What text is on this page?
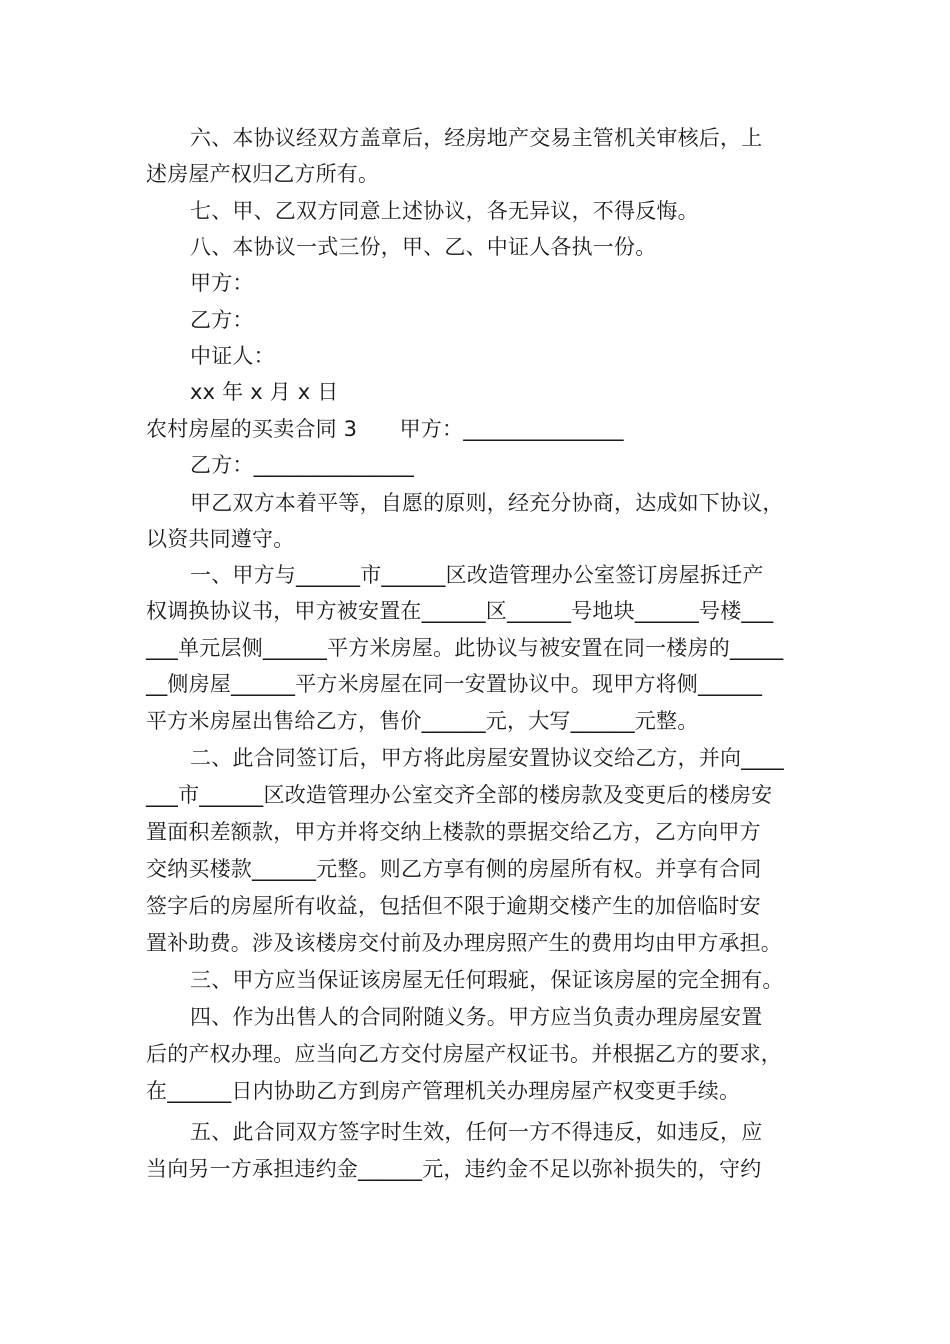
六、本协议经双方盖章后，经房地产交易主管机关审核后，上
述房屋产权归乙方所有。
七、甲、乙双方同意上述协议，各无异议，不得反悔。
八、本协议一式三份，甲、乙、中证人各执一份。
甲方：
乙方：
中证人：
xx 年 x 月 x 日
农村房屋的买卖合同 3　　甲方：_______________
乙方：_______________
甲乙双方本着平等，自愿的原则，经充分协商，达成如下协议，
以资共同遵守。
一、甲方与______市______区改造管理办公室签订房屋拆迁产
权调换协议书，甲方被安置在______区______号地块______号楼___
___单元层侧______平方米房屋。此协议与被安置在同一楼房的_____
__侧房屋______平方米房屋在同一安置协议中。现甲方将侧______
平方米房屋出售给乙方，售价______元，大写______元整。
二、此合同签订后，甲方将此房屋安置协议交给乙方，并向____
___市______区改造管理办公室交齐全部的楼房款及变更后的楼房安
置面积差额款，甲方并将交纳上楼款的票据交给乙方，乙方向甲方
交纳买楼款______元整。则乙方享有侧的房屋所有权。并享有合同
签字后的房屋所有收益，包括但不限于逾期交楼产生的加倍临时安
置补助费。涉及该楼房交付前及办理房照产生的费用均由甲方承担。
三、甲方应当保证该房屋无任何瑕疵，保证该房屋的完全拥有。
四、作为出售人的合同附随义务。甲方应当负责办理房屋安置
后的产权办理。应当向乙方交付房屋产权证书。并根据乙方的要求，
在______日内协助乙方到房产管理机关办理房屋产权变更手续。
五、此合同双方签字时生效，任何一方不得违反，如违反，应
当向另一方承担违约金______元，违约金不足以弥补损失的，守约
